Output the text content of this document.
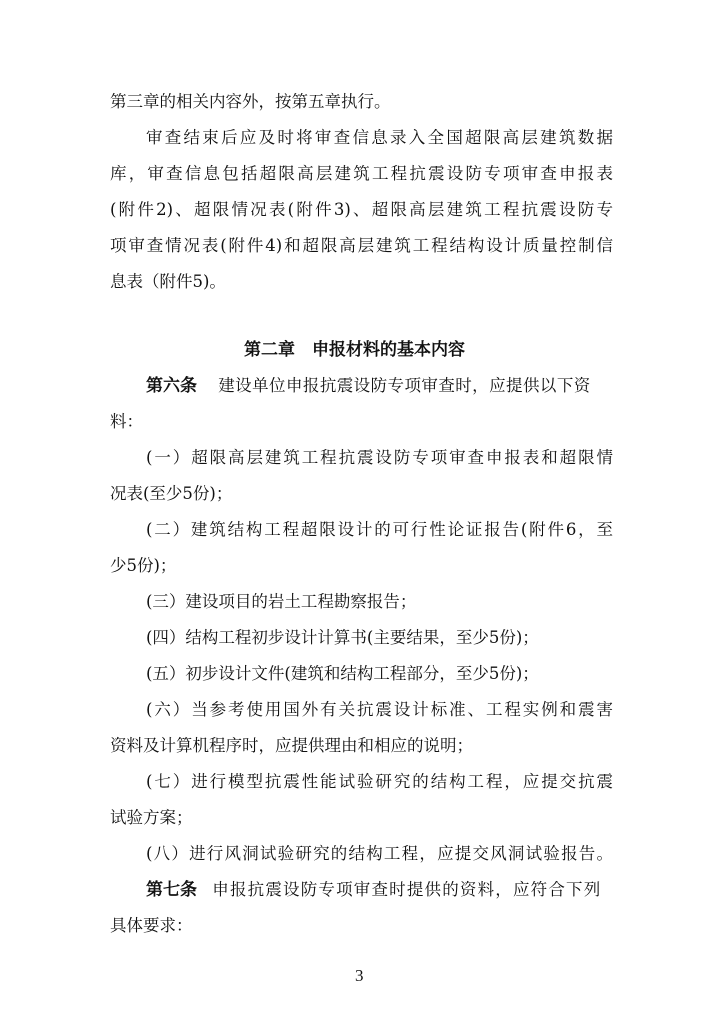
第三章的相关内容外，按第五章执行。
审查结束后应及时将审查信息录入全国超限高层建筑数据
库，审查信息包括超限高层建筑工程抗震设防专项审查申报表
(附件2)、超限情况表(附件3)、超限高层建筑工程抗震设防专
项审查情况表(附件4)和超限高层建筑工程结构设计质量控制信
息表（附件5)。
第二章　申报材料的基本内容
第六条 建设单位申报抗震设防专项审查时，应提供以下资
料：
(一）超限高层建筑工程抗震设防专项审查申报表和超限情
况表(至少5份)；
(二）建筑结构工程超限设计的可行性论证报告(附件6，至
少5份)；
(三）建设项目的岩土工程勘察报告；
(四）结构工程初步设计计算书(主要结果，至少5份)；
(五）初步设计文件(建筑和结构工程部分，至少5份)；
(六）当参考使用国外有关抗震设计标准、工程实例和震害
资料及计算机程序时，应提供理由和相应的说明；
(七）进行模型抗震性能试验研究的结构工程，应提交抗震
试验方案；
(八）进行风洞试验研究的结构工程，应提交风洞试验报告。
第七条 申报抗震设防专项审查时提供的资料，应符合下列
具体要求：
3
